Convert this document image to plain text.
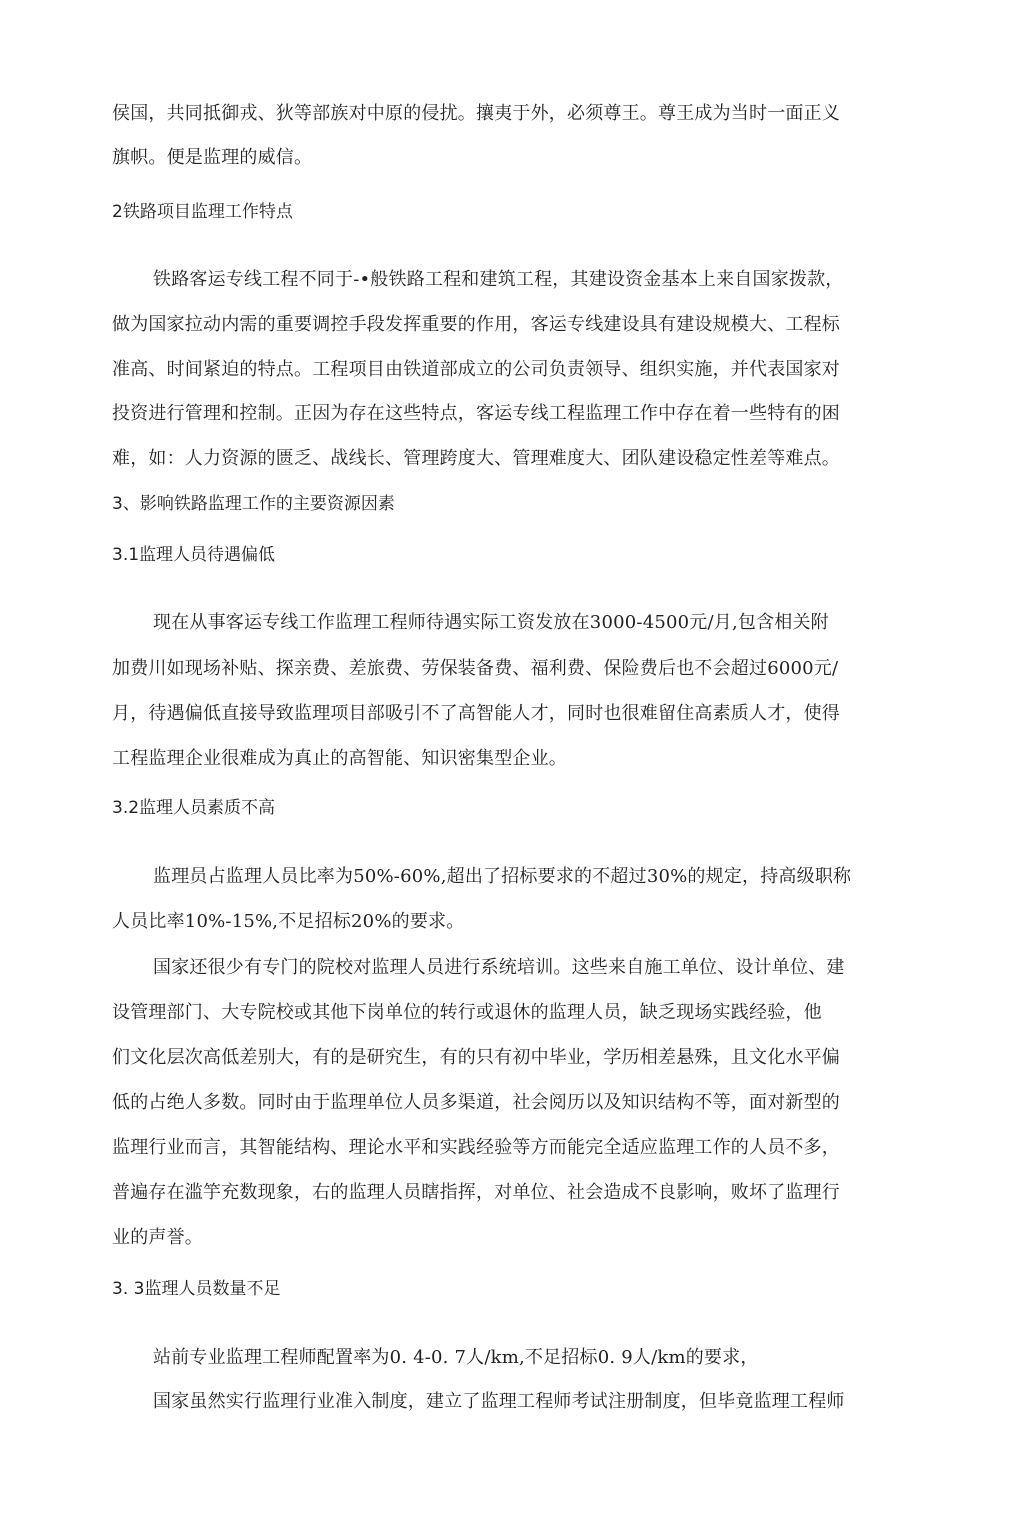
侯国，共同抵御戎、狄等部族对中原的侵扰。攘夷于外，必须尊王。尊王成为当时一面正义
旗帜。便是监理的威信。
2铁路项目监理工作特点
铁路客运专线工程不同于-•般铁路工程和建筑工程，其建设资金基本上来自国家拨款，
做为国家拉动内需的重要调控手段发挥重要的作用，客运专线建设具有建设规模大、工程标
准高、时间紧迫的特点。工程项目由铁道部成立的公司负责领导、组织实施，并代表国家对
投资进行管理和控制。正因为存在这些特点，客运专线工程监理工作中存在着一些特有的困
难，如：人力资源的匮乏、战线长、管理跨度大、管理难度大、团队建设稳定性差等难点。
3、影响铁路监理工作的主要资源因素
3.1监理人员待遇偏低
现在从事客运专线工作监理工程师待遇实际工资发放在3000-4500元/月,包含相关附
加费川如现场补贴、探亲费、差旅费、劳保装备费、福利费、保险费后也不会超过6000元/
月，待遇偏低直接导致监理项目部吸引不了高智能人才，同时也很难留住高素质人才，使得
工程监理企业很难成为真止的高智能、知识密集型企业。
3.2监理人员素质不高
监理员占监理人员比率为50%-60%,超出了招标要求的不超过30%的规定，持高级职称
人员比率10%-15%,不足招标20%的要求。
国家还很少有专门的院校对监理人员进行系统培训。这些来自施工单位、设计单位、建
设管理部门、大专院校或其他下岗单位的转行或退休的监理人员，缺乏现场实践经验，他
们文化层次高低差别大，有的是研究生，有的只有初中毕业，学历相差悬殊，且文化水平偏
低的占绝人多数。同时由于监理单位人员多渠道，社会阅历以及知识结构不等，面对新型的
监理行业而言，其智能结构、理论水平和实践经验等方而能完全适应监理工作的人员不多，
普遍存在滥竽充数现象，右的监理人员瞎指挥，对单位、社会造成不良影响，败坏了监理行
业的声誉。
3. 3监理人员数量不足
站前专业监理工程师配置率为0. 4-0. 7人/km,不足招标0. 9人/km的要求，
国家虽然实行监理行业准入制度，建立了监理工程师考试注册制度，但毕竟监理工程师
